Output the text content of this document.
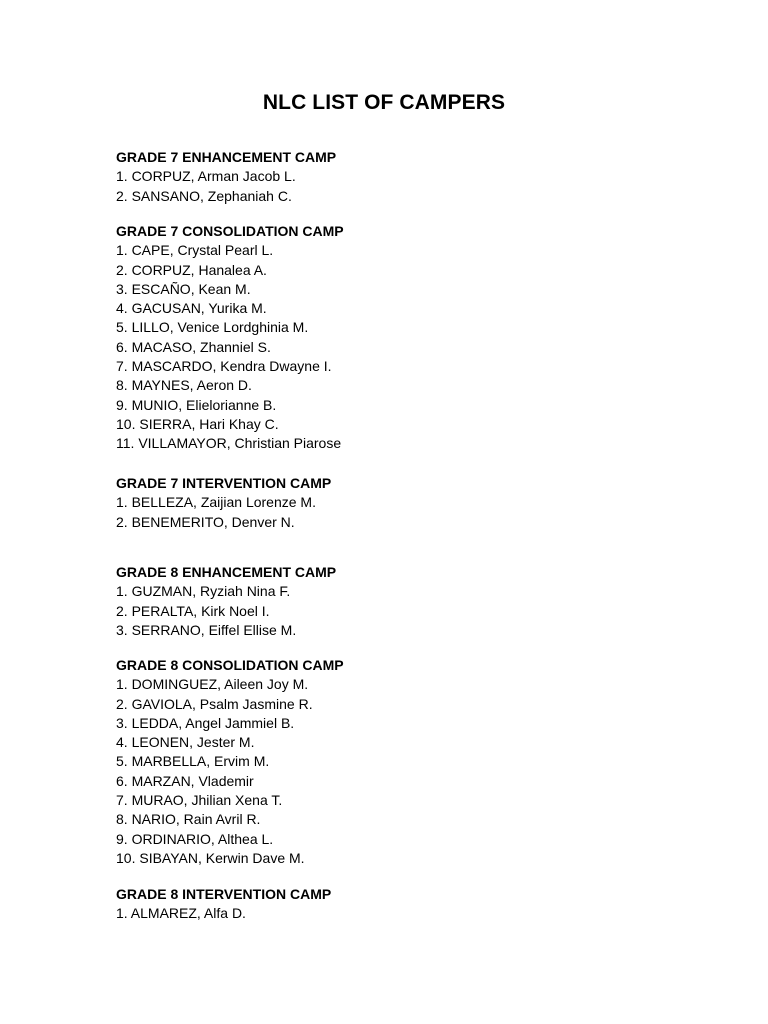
NLC LIST OF CAMPERS
GRADE 7 ENHANCEMENT CAMP
1. CORPUZ, Arman Jacob L.
2. SANSANO, Zephaniah C.
GRADE 7 CONSOLIDATION CAMP
1. CAPE, Crystal Pearl L.
2. CORPUZ, Hanalea A.
3. ESCAÑO, Kean M.
4. GACUSAN, Yurika M.
5. LILLO, Venice Lordghinia M.
6. MACASO, Zhanniel S.
7. MASCARDO, Kendra Dwayne I.
8. MAYNES, Aeron D.
9. MUNIO, Elielorianne B.
10. SIERRA, Hari Khay C.
11. VILLAMAYOR, Christian Piarose
GRADE 7 INTERVENTION CAMP
1. BELLEZA, Zaijian Lorenze M.
2. BENEMERITO, Denver N.
GRADE 8 ENHANCEMENT CAMP
1. GUZMAN, Ryziah Nina F.
2. PERALTA, Kirk Noel I.
3. SERRANO, Eiffel Ellise M.
GRADE 8 CONSOLIDATION CAMP
1. DOMINGUEZ, Aileen Joy M.
2. GAVIOLA, Psalm Jasmine R.
3. LEDDA, Angel Jammiel B.
4. LEONEN, Jester M.
5. MARBELLA, Ervim M.
6. MARZAN, Vlademir
7. MURAO, Jhilian Xena T.
8. NARIO, Rain Avril R.
9. ORDINARIO, Althea L.
10. SIBAYAN, Kerwin Dave M.
GRADE 8 INTERVENTION CAMP
1. ALMAREZ, Alfa D.
